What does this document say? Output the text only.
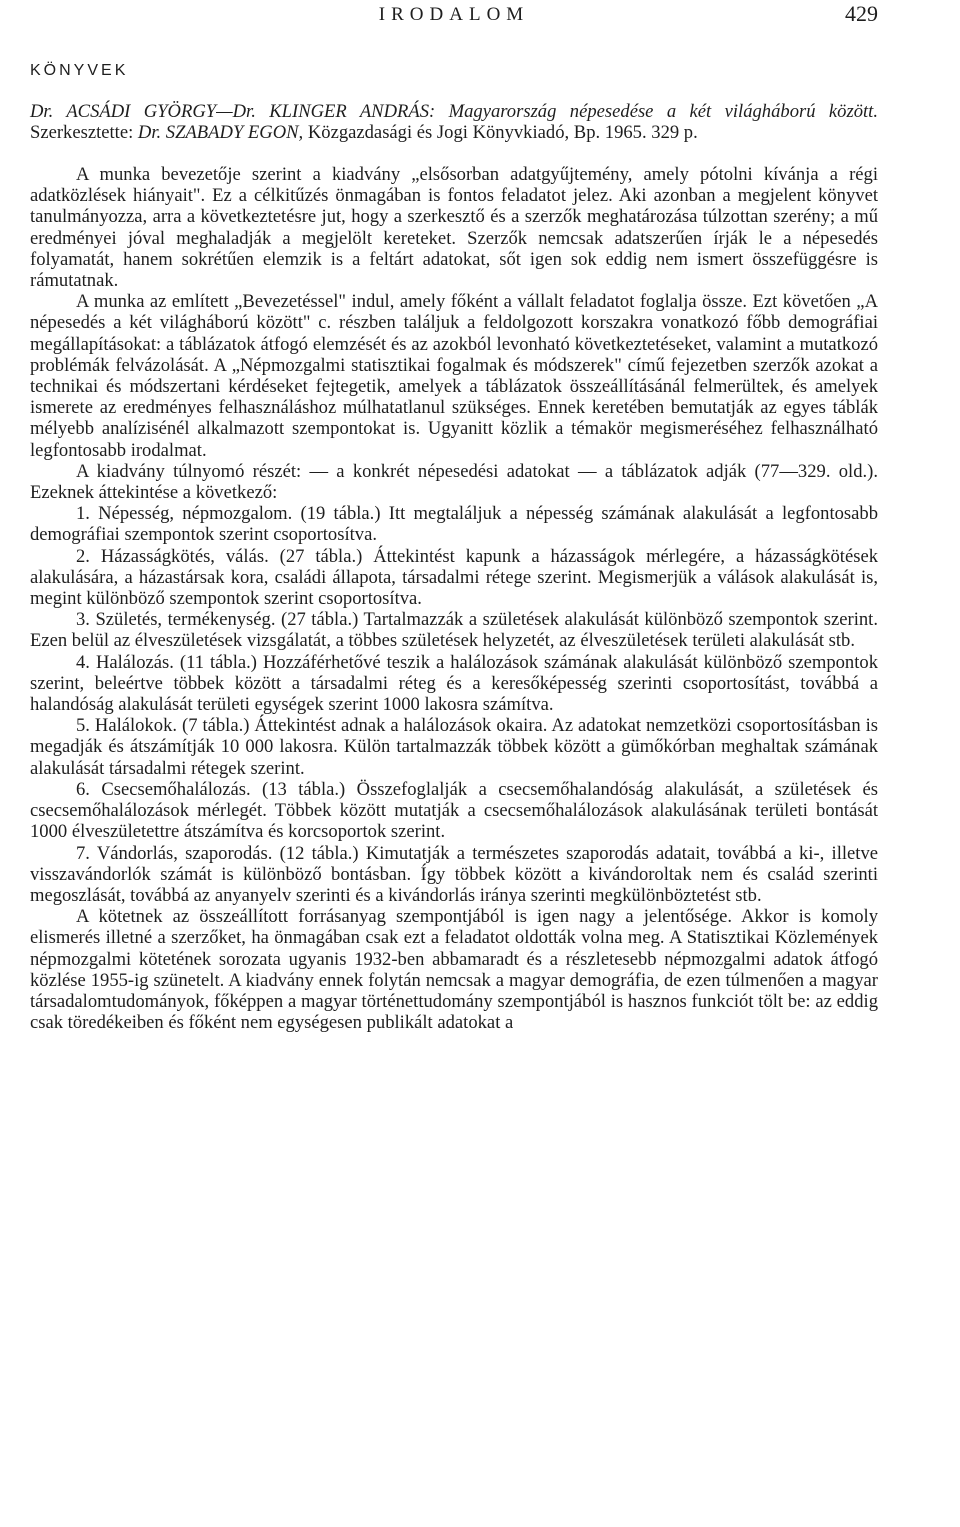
IRODALOM	429
KÖNYVEK
Dr. ACSÁDI GYÖRGY—Dr. KLINGER ANDRÁS: Magyarország népesedése a két világháború között. Szerkesztette: Dr. SZABADY EGON, Közgazdasági és Jogi Könyvkiadó, Bp. 1965. 329 p.

A munka bevezetője szerint a kiadvány „elsősorban adatgyűjtemény, amely pótolni kívánja a régi adatközlések hiányait". Ez a célkitűzés önmagában is fontos feladatot jelez. Aki azonban a megjelent könyvet tanulmányozza, arra a következtetésre jut, hogy a szerkesztő és a szerzők meghatározása túlzottan szerény; a mű eredményei jóval meghaladják a megjelölt kereteket. Szerzők nemcsak adatszerűen írják le a népesedés folyamatát, hanem sokrétűen elemzik is a feltárt adatokat, sőt igen sok eddig nem ismert összefüggésre is rámutatnak.

A munka az említett „Bevezetéssel" indul, amely főként a vállalt feladatot foglalja össze. Ezt követően „A népesedés a két világháború között" c. részben találjuk a feldolgozott korszakra vonatkozó főbb demográfiai megállapításokat: a táblázatok átfogó elemzését és az azokból levonható következtetéseket, valamint a mutatkozó problémák felvázolását. A „Népmozgalmi statisztikai fogalmak és módszerek" című fejezetben szerzők azokat a technikai és módszertani kérdéseket fejtegetik, amelyek a táblázatok összeállításánál felmerültek, és amelyek ismerete az eredményes felhasználáshoz múlhatatlanul szükséges. Ennek keretében bemutatják az egyes táblák mélyebb analízisénél alkalmazott szempontokat is. Ugyanitt közlik a témakör megismeréséhez felhasználható legfontosabb irodalmat.

A kiadvány túlnyomó részét: — a konkrét népesedési adatokat — a táblázatok adják (77—329. old.). Ezeknek áttekintése a következő:

1. Népesség, népmozgalom. (19 tábla.) Itt megtaláljuk a népesség számának alakulását a legfontosabb demográfiai szempontok szerint csoportosítva.

2. Házasságkötés, válás. (27 tábla.) Áttekintést kapunk a házasságok mérlegére, a házasságkötések alakulására, a házastársak kora, családi állapota, társadalmi rétege szerint. Megismerjük a válások alakulását is, megint különböző szempontok szerint csoportosítva.

3. Születés, termékenység. (27 tábla.) Tartalmazzák a születések alakulását különböző szempontok szerint. Ezen belül az élveszületések vizsgálatát, a többes születések helyzetét, az élveszületések területi alakulását stb.

4. Halálozás. (11 tábla.) Hozzáférhetővé teszik a halálozások számának alakulását különböző szempontok szerint, beleértve többek között a társadalmi réteg és a keresőképesség szerinti csoportosítást, továbbá a halandóság alakulását területi egységek szerint 1000 lakosra számítva.

5. Halálokok. (7 tábla.) Áttekintést adnak a halálozások okaira. Az adatokat nemzetközi csoportosításban is megadják és átszámítják 10 000 lakosra. Külön tartalmazzák többek között a gümőkórban meghaltak számának alakulását társadalmi rétegek szerint.

6. Csecsemőhalálozás. (13 tábla.) Összefoglalják a csecsemőhalandóság alakulását, a születések és csecsemőhalálozások mérlegét. Többek között mutatják a csecsemőhalálozások alakulásának területi bontását 1000 élveszületettre átszámítva és korcsoportok szerint.

7. Vándorlás, szaporodás. (12 tábla.) Kimutatják a természetes szaporodás adatait, továbbá a ki-, illetve visszavándorlók számát is különböző bontásban. Így többek között a kivándoroltak nem és család szerinti megoszlását, továbbá az anyanyelv szerinti és a kivándorlás iránya szerinti megkülönböztetést stb.

A kötetnek az összeállított forrásanyag szempontjából is igen nagy a jelentősége. Akkor is komoly elismerés illetné a szerzőket, ha önmagában csak ezt a feladatot oldották volna meg. A Statisztikai Közlemények népmozgalmi kötetének sorozata ugyanis 1932-ben abbamaradt és a részletesebb népmozgalmi adatok átfogó közlése 1955-ig szünetelt. A kiadvány ennek folytán nemcsak a magyar demográfia, de ezen túlmenően a magyar társadalomtudományok, főképpen a magyar történettudomány szempontjából is hasznos funkciót tölt be: az eddig csak töredékeiben és főként nem egységesen publikált adatokat a
